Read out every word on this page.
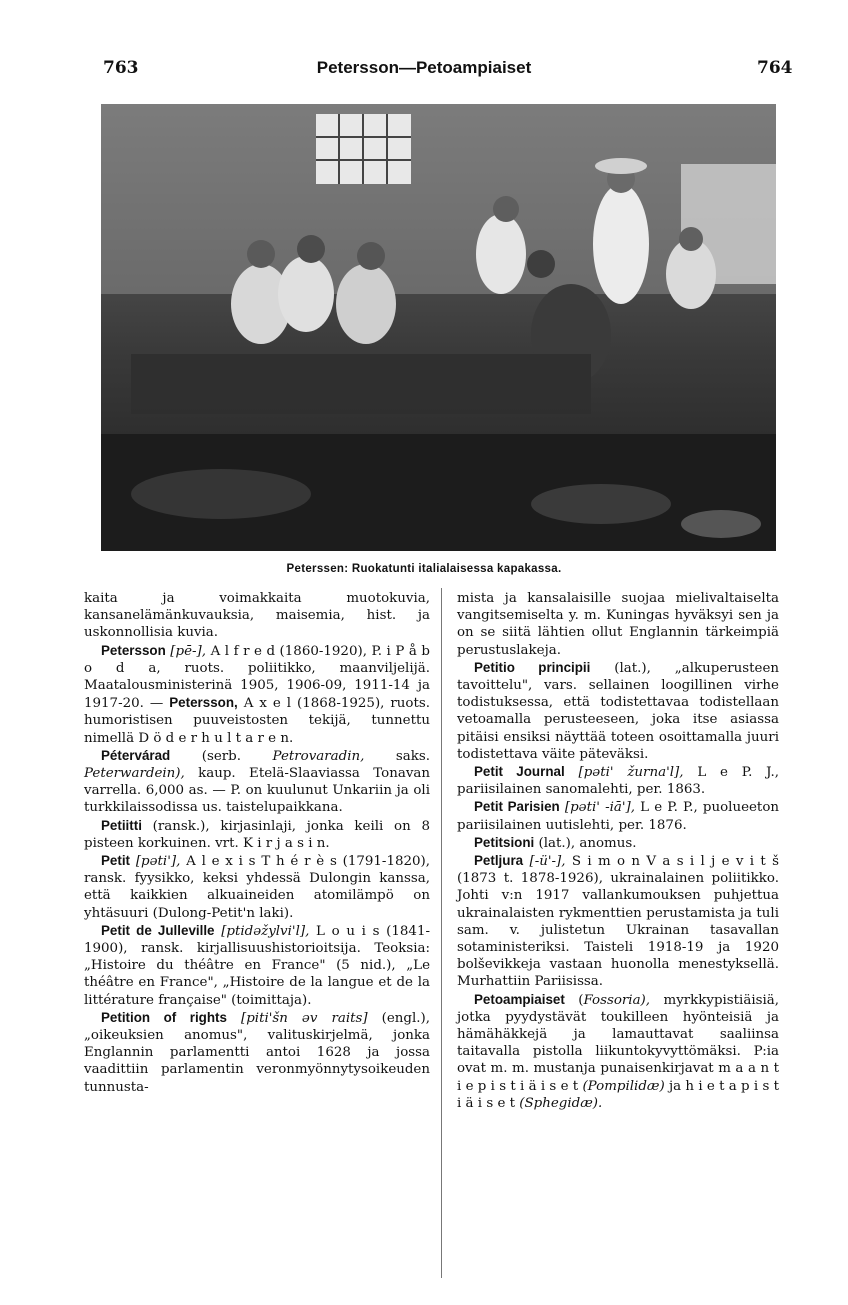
763	Petersson—Petoampiaiset	764
Peterssen: Ruokatunti italialaisessa kapakassa.

kaita ja voimakkaita muotokuvia, kansanelämänkuvauksia, maisemia, hist. ja uskonnollisia kuvia.

Petersson [pē-], A l f r e d (1860-1920), P. i P å b o d a, ruots. poliitikko, maanviljelijä. Maatalousministerinä 1905, 1906-09, 1911-14 ja 1917-20. — Petersson, A x e l (1868-1925), ruots. humoristisen puuveistosten tekijä, tunnettu nimellä D ö d e r h u l t a r e n.

Pétervárad (serb. Petrovaradin, saks. Peterwardein), kaup. Etelä-Slaaviassa Tonavan varrella. 6,000 as. — P. on kuulunut Unkariin ja oli turkkilaissodissa us. taistelupaikkana.

Petiitti (ransk.), kirjasinlaji, jonka keili on 8 pisteen korkuinen. vrt. K i r j a s i n.

Petit [pəti'], A l e x i s T h é r è s (1791-1820), ransk. fyysikko, keksi yhdessä Dulongin kanssa, että kaikkien alkuaineiden atomilämpö on yhtäsuuri (Dulong-Petit'n laki).

Petit de Julleville [ptidəžylvi'l], L o u i s (1841-1900), ransk. kirjallisuushistorioitsija. Teoksia: „Histoire du théâtre en France" (5 nid.), „Le théâtre en France", „Histoire de la langue et de la littérature française" (toimittaja).

Petition of rights [piti'šn əv raits] (engl.), „oikeuksien anomus", valituskirjelmä, jonka Englannin parlamentti antoi 1628 ja jossa vaadittiin parlamentin veronmyönnytysoikeuden tunnusta-

mista ja kansalaisille suojaa mielivaltaiselta vangitsemiselta y. m. Kuningas hyväksyi sen ja on se siitä lähtien ollut Englannin tärkeimpiä perustuslakeja.

Petitio principii (lat.), „alkuperusteen tavoittelu", vars. sellainen loogillinen virhe todistuksessa, että todistettavaa todistellaan vetoamalla perusteeseen, joka itse asiassa pitäisi ensiksi näyttää toteen osoittamalla juuri todistettava väite päteväksi.

Petit Journal [pəti' žurna'l], L e P. J., pariisilainen sanomalehti, per. 1863.

Petit Parisien [pəti' -iā'], L e P. P., puolueeton pariisilainen uutislehti, per. 1876.

Petitsioni (lat.), anomus.

Petljura [-ü'-], S i m o n V a s i l j e v i t š (1873 t. 1878-1926), ukrainalainen poliitikko. Johti v:n 1917 vallankumouksen puhjettua ukrainalaisten rykmenttien perustamista ja tuli sam. v. julistetun Ukrainan tasavallan sotaministeriksi. Taisteli 1918-19 ja 1920 bolševikkeja vastaan huonolla menestyksellä. Murhattiin Pariisissa.

Petoampiaiset (Fossoria), myrkkypistiäisiä, jotka pyydystävät toukilleen hyönteisiä ja hämähäkkejä ja lamauttavat saaliinsa taitavalla pistolla liikuntokyvyttömäksi. P:ia ovat m. m. mustanja punaisenkirjavat m a a n t i e p i s t i ä i s e t (Pompilidæ) ja h i e t a p i s t i ä i s e t (Sphegidæ).
